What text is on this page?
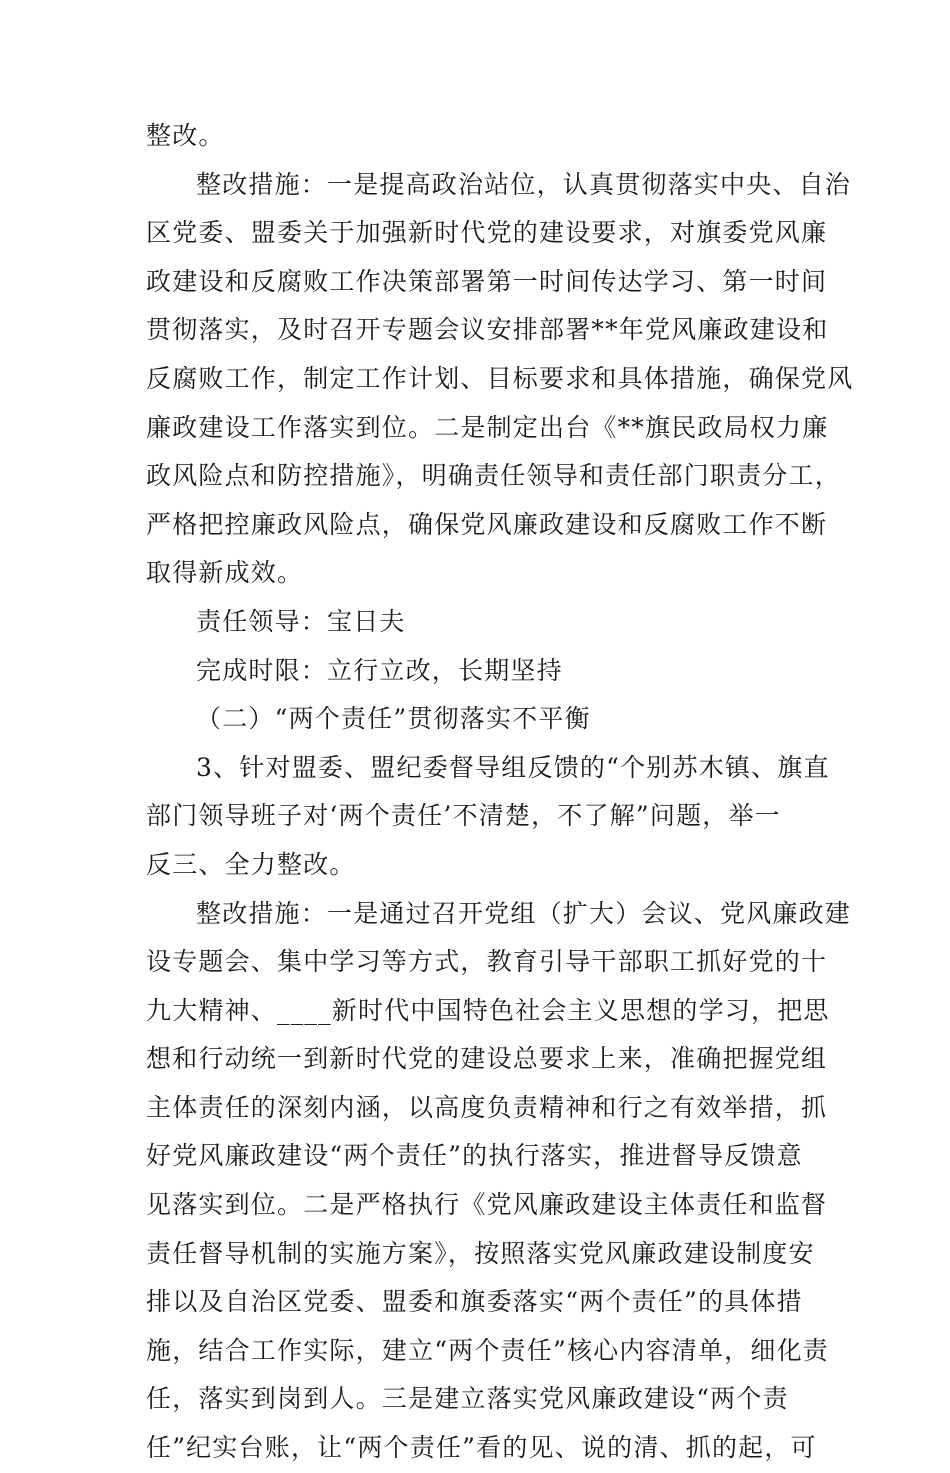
整改。

整改措施：一是提高政治站位，认真贯彻落实中央、自治
区党委、盟委关于加强新时代党的建设要求，对旗委党风廉
政建设和反腐败工作决策部署第一时间传达学习、第一时间
贯彻落实，及时召开专题会议安排部署**年党风廉政建设和
反腐败工作，制定工作计划、目标要求和具体措施，确保党风
廉政建设工作落实到位。二是制定出台《**旗民政局权力廉
政风险点和防控措施》，明确责任领导和责任部门职责分工，
严格把控廉政风险点，确保党风廉政建设和反腐败工作不断
取得新成效。

责任领导：宝日夫

完成时限：立行立改，长期坚持

（二）“两个责任”贯彻落实不平衡

3、针对盟委、盟纪委督导组反馈的“个别苏木镇、旗直
部门领导班子对‘两个责任’不清楚，不了解”问题，举一
反三、全力整改。

整改措施：一是通过召开党组（扩大）会议、党风廉政建
设专题会、集中学习等方式，教育引导干部职工抓好党的十
九大精神、____新时代中国特色社会主义思想的学习，把思
想和行动统一到新时代党的建设总要求上来，准确把握党组
主体责任的深刻内涵，以高度负责精神和行之有效举措，抓
好党风廉政建设“两个责任”的执行落实，推进督导反馈意
见落实到位。二是严格执行《党风廉政建设主体责任和监督
责任督导机制的实施方案》，按照落实党风廉政建设制度安
排以及自治区党委、盟委和旗委落实“两个责任”的具体措
施，结合工作实际，建立“两个责任”核心内容清单，细化责
任，落实到岗到人。三是建立落实党风廉政建设“两个责
任”纪实台账，让“两个责任”看的见、说的清、抓的起，可
